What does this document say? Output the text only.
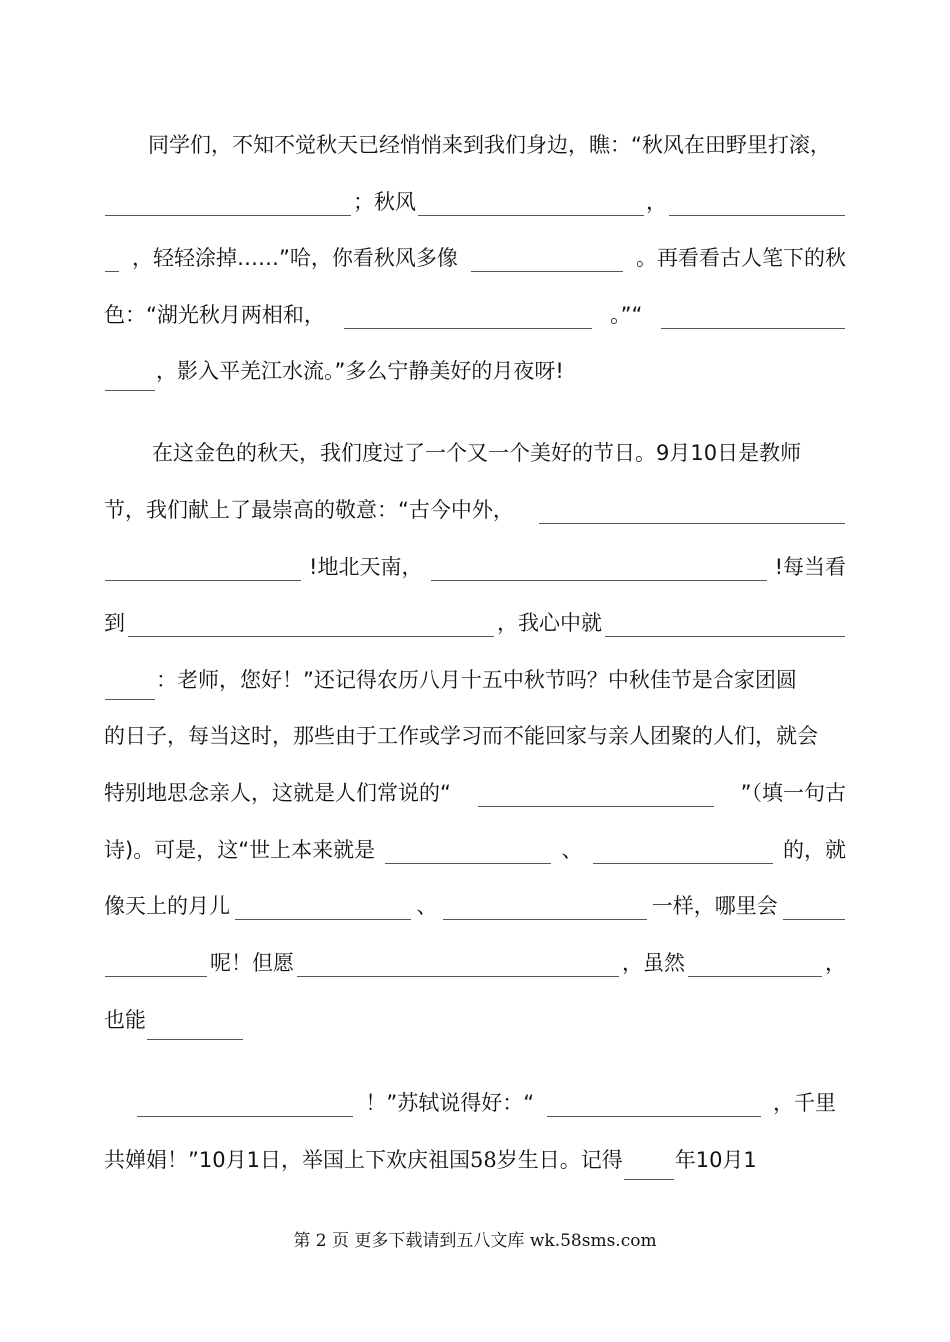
同学们，不知不觉秋天已经悄悄来到我们身边，瞧：“秋风在田野里打滚，
；秋风	，
，轻轻涂掉……”哈，你看秋风多像	。再看看古人笔下的秋
色：“湖光秋月两相和，	。”“
，影入平羌江水流。”多么宁静美好的月夜呀!
在这金色的秋天，我们度过了一个又一个美好的节日。9月10日是教师
节，我们献上了最崇高的敬意：“古今中外，
!地北天南，	!每当看
到	，我心中就
：老师，您好！”还记得农历八月十五中秋节吗？中秋佳节是合家团圆
的日子，每当这时，那些由于工作或学习而不能回家与亲人团聚的人们，就会
特别地思念亲人，这就是人们常说的“	”（填一句古
诗)。可是，这“世上本来就是	、	的，就
像天上的月儿	、	一样，哪里会
呢！但愿	，虽然	，
也能
！”苏轼说得好：“	，千里
共婵娟！”10月1日，举国上下欢庆祖国58岁生日。记得 年10月1
第 2 页 更多下载请到五八文库 wk.58sms.com
